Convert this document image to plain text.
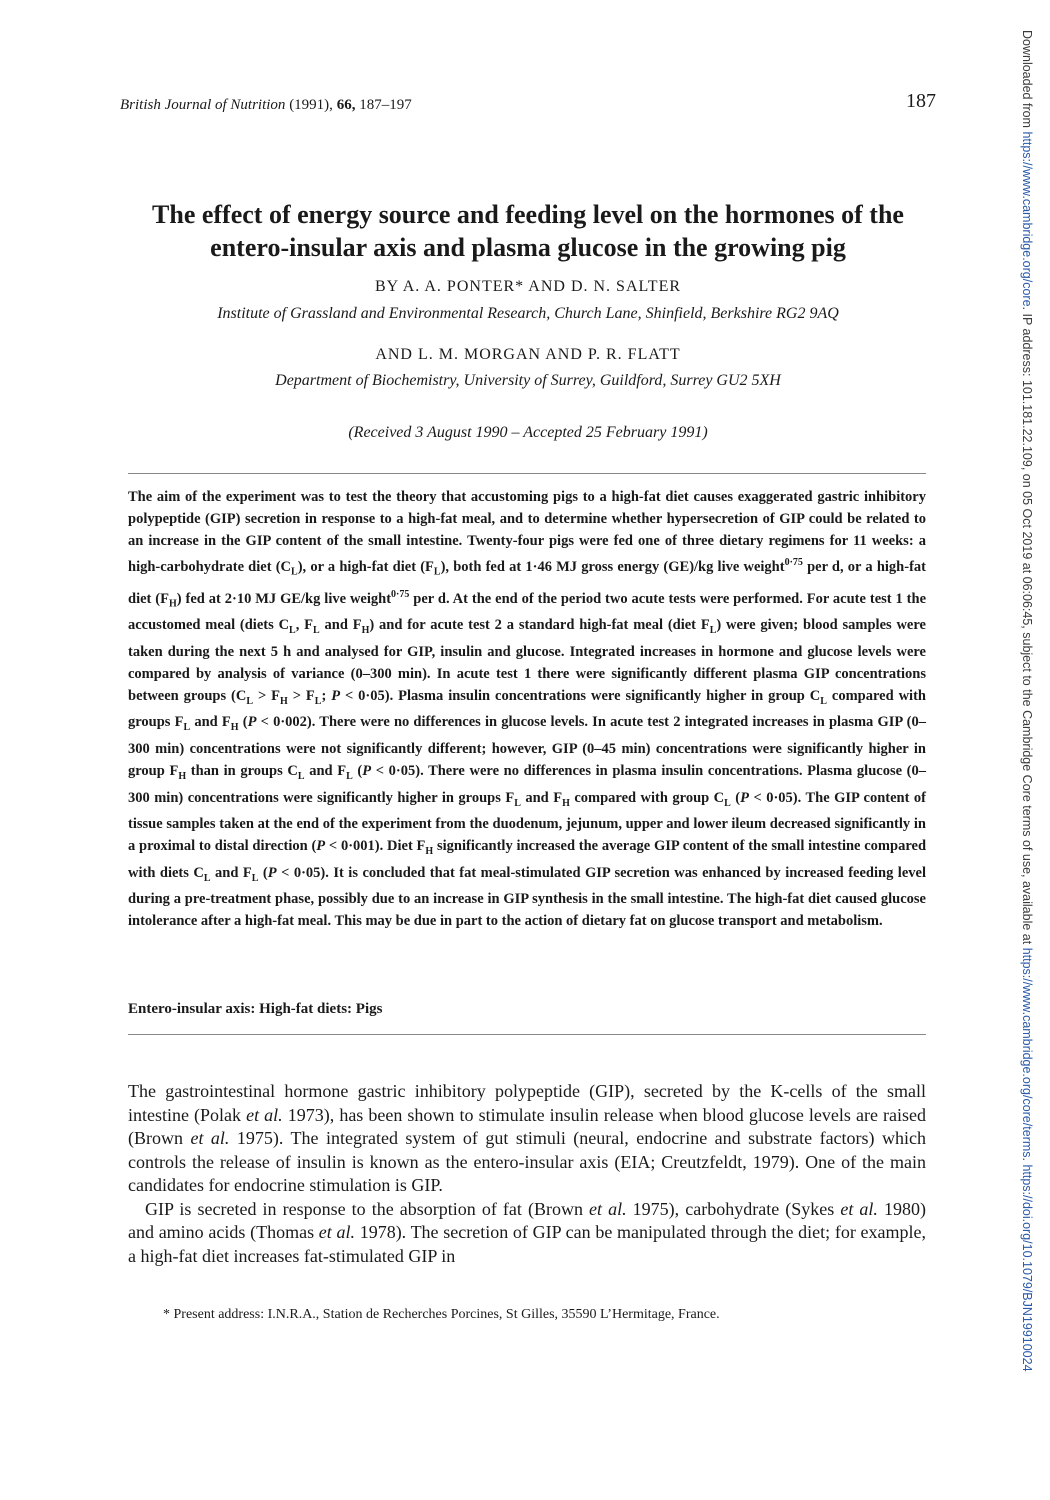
British Journal of Nutrition (1991), 66, 187–197	187
The effect of energy source and feeding level on the hormones of the entero-insular axis and plasma glucose in the growing pig
BY A. A. PONTER* AND D. N. SALTER
Institute of Grassland and Environmental Research, Church Lane, Shinfield, Berkshire RG2 9AQ
AND L. M. MORGAN AND P. R. FLATT
Department of Biochemistry, University of Surrey, Guildford, Surrey GU2 5XH
(Received 3 August 1990 – Accepted 25 February 1991)

The aim of the experiment was to test the theory that accustoming pigs to a high-fat diet causes exaggerated gastric inhibitory polypeptide (GIP) secretion in response to a high-fat meal, and to determine whether hypersecretion of GIP could be related to an increase in the GIP content of the small intestine. Twenty-four pigs were fed one of three dietary regimens for 11 weeks: a high-carbohydrate diet $(C_L)$, or a high-fat diet $(F_L)$, both fed at 1·46 MJ gross energy (GE)/kg live weight$^{0\cdot 75}$ per d, or a high-fat diet $(F_H)$ fed at 2·10 MJ GE/kg live weight$^{0\cdot 75}$ per d. At the end of the period two acute tests were performed. For acute test 1 the accustomed meal (diets $C_L$, $F_L$ and $F_H$) and for acute test 2 a standard high-fat meal (diet $F_L$) were given; blood samples were taken during the next 5 h and analysed for GIP, insulin and glucose. Integrated increases in hormone and glucose levels were compared by analysis of variance (0–300 min). In acute test 1 there were significantly different plasma GIP concentrations between groups ($C_L > F_H > F_L$; P < 0·05). Plasma insulin concentrations were significantly higher in group $C_L$ compared with groups $F_L$ and $F_H$ (P < 0·002). There were no differences in glucose levels. In acute test 2 integrated increases in plasma GIP (0–300 min) concentrations were not significantly different; however, GIP (0–45 min) concentrations were significantly higher in group $F_H$ than in groups $C_L$ and $F_L$ (P < 0·05). There were no differences in plasma insulin concentrations. Plasma glucose (0–300 min) concentrations were significantly higher in groups $F_L$ and $F_H$ compared with group $C_L$ (P < 0·05). The GIP content of tissue samples taken at the end of the experiment from the duodenum, jejunum, upper and lower ileum decreased significantly in a proximal to distal direction (P < 0·001). Diet $F_H$ significantly increased the average GIP content of the small intestine compared with diets $C_L$ and $F_L$ (P < 0·05). It is concluded that fat meal-stimulated GIP secretion was enhanced by increased feeding level during a pre-treatment phase, possibly due to an increase in GIP synthesis in the small intestine. The high-fat diet caused glucose intolerance after a high-fat meal. This may be due in part to the action of dietary fat on glucose transport and metabolism.

Entero-insular axis: High-fat diets: Pigs

The gastrointestinal hormone gastric inhibitory polypeptide (GIP), secreted by the K-cells of the small intestine (Polak et al. 1973), has been shown to stimulate insulin release when blood glucose levels are raised (Brown et al. 1975). The integrated system of gut stimuli (neural, endocrine and substrate factors) which controls the release of insulin is known as the entero-insular axis (EIA; Creutzfeldt, 1979). One of the main candidates for endocrine stimulation is GIP.

GIP is secreted in response to the absorption of fat (Brown et al. 1975), carbohydrate (Sykes et al. 1980) and amino acids (Thomas et al. 1978). The secretion of GIP can be manipulated through the diet; for example, a high-fat diet increases fat-stimulated GIP in

* Present address: I.N.R.A., Station de Recherches Porcines, St Gilles, 35590 L’Hermitage, France.
Downloaded from https://www.cambridge.org/core. IP address: 101.181.22.109, on 05 Oct 2019 at 06:06:45, subject to the Cambridge Core terms of use, available at https://www.cambridge.org/core/terms. https://doi.org/10.1079/BJN19910024
